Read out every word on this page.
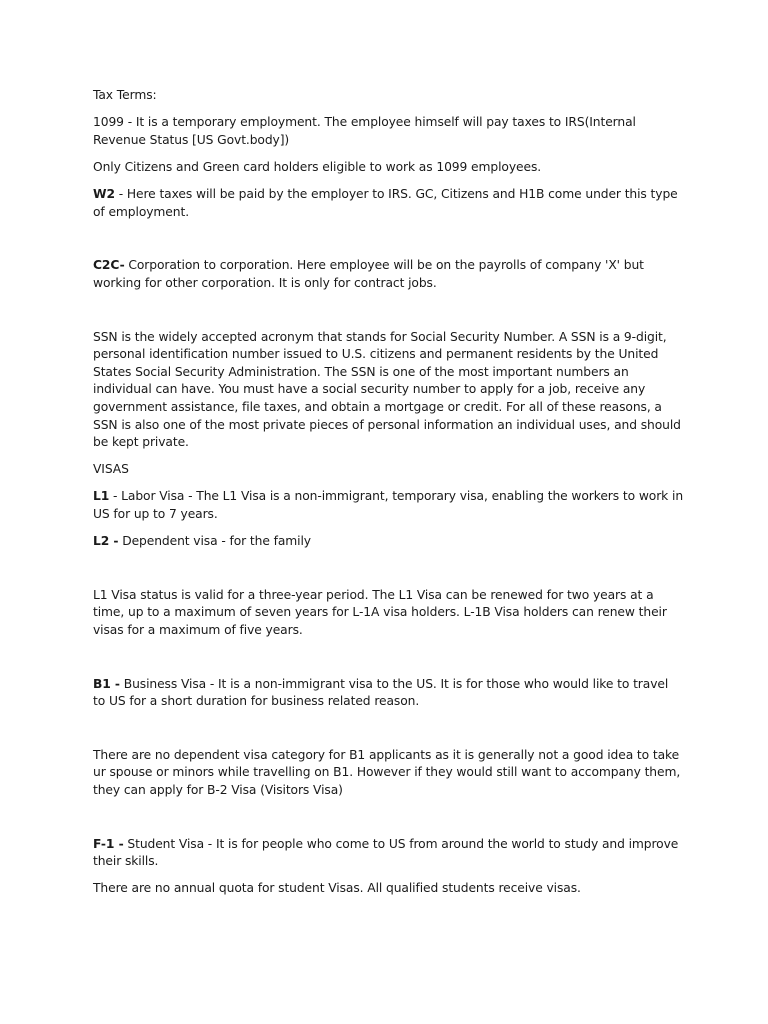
Tax Terms:

1099 - It is a temporary employment. The employee himself will pay taxes to IRS(Internal Revenue Status [US Govt.body])

Only Citizens and Green card holders eligible to work as 1099 employees.

W2 - Here taxes will be paid by the employer to IRS. GC, Citizens and H1B come under this type of employment.

C2C- Corporation to corporation. Here employee will be on the payrolls of company 'X' but working for other corporation. It is only for contract jobs.

SSN is the widely accepted acronym that stands for Social Security Number. A SSN is a 9-digit, personal identification number issued to U.S. citizens and permanent residents by the United States Social Security Administration. The SSN is one of the most important numbers an individual can have. You must have a social security number to apply for a job, receive any government assistance, file taxes, and obtain a mortgage or credit. For all of these reasons, a SSN is also one of the most private pieces of personal information an individual uses, and should be kept private.

VISAS

L1 - Labor Visa - The L1 Visa is a non-immigrant, temporary visa, enabling the workers to work in US for up to 7 years.

L2 - Dependent visa - for the family

L1 Visa status is valid for a three-year period. The L1 Visa can be renewed for two years at a time, up to a maximum of seven years for L-1A visa holders. L-1B Visa holders can renew their visas for a maximum of five years.

B1 - Business Visa - It is a non-immigrant visa to the US. It is for those who would like to travel to US for a short duration for business related reason.

There are no dependent visa category for B1 applicants as it is generally not a good idea to take ur spouse or minors while travelling on B1. However if they would still want to accompany them, they can apply for B-2 Visa (Visitors Visa)

F-1 - Student Visa - It is for people who come to US from around the world to study and improve their skills.

There are no annual quota for student Visas. All qualified students receive visas.
